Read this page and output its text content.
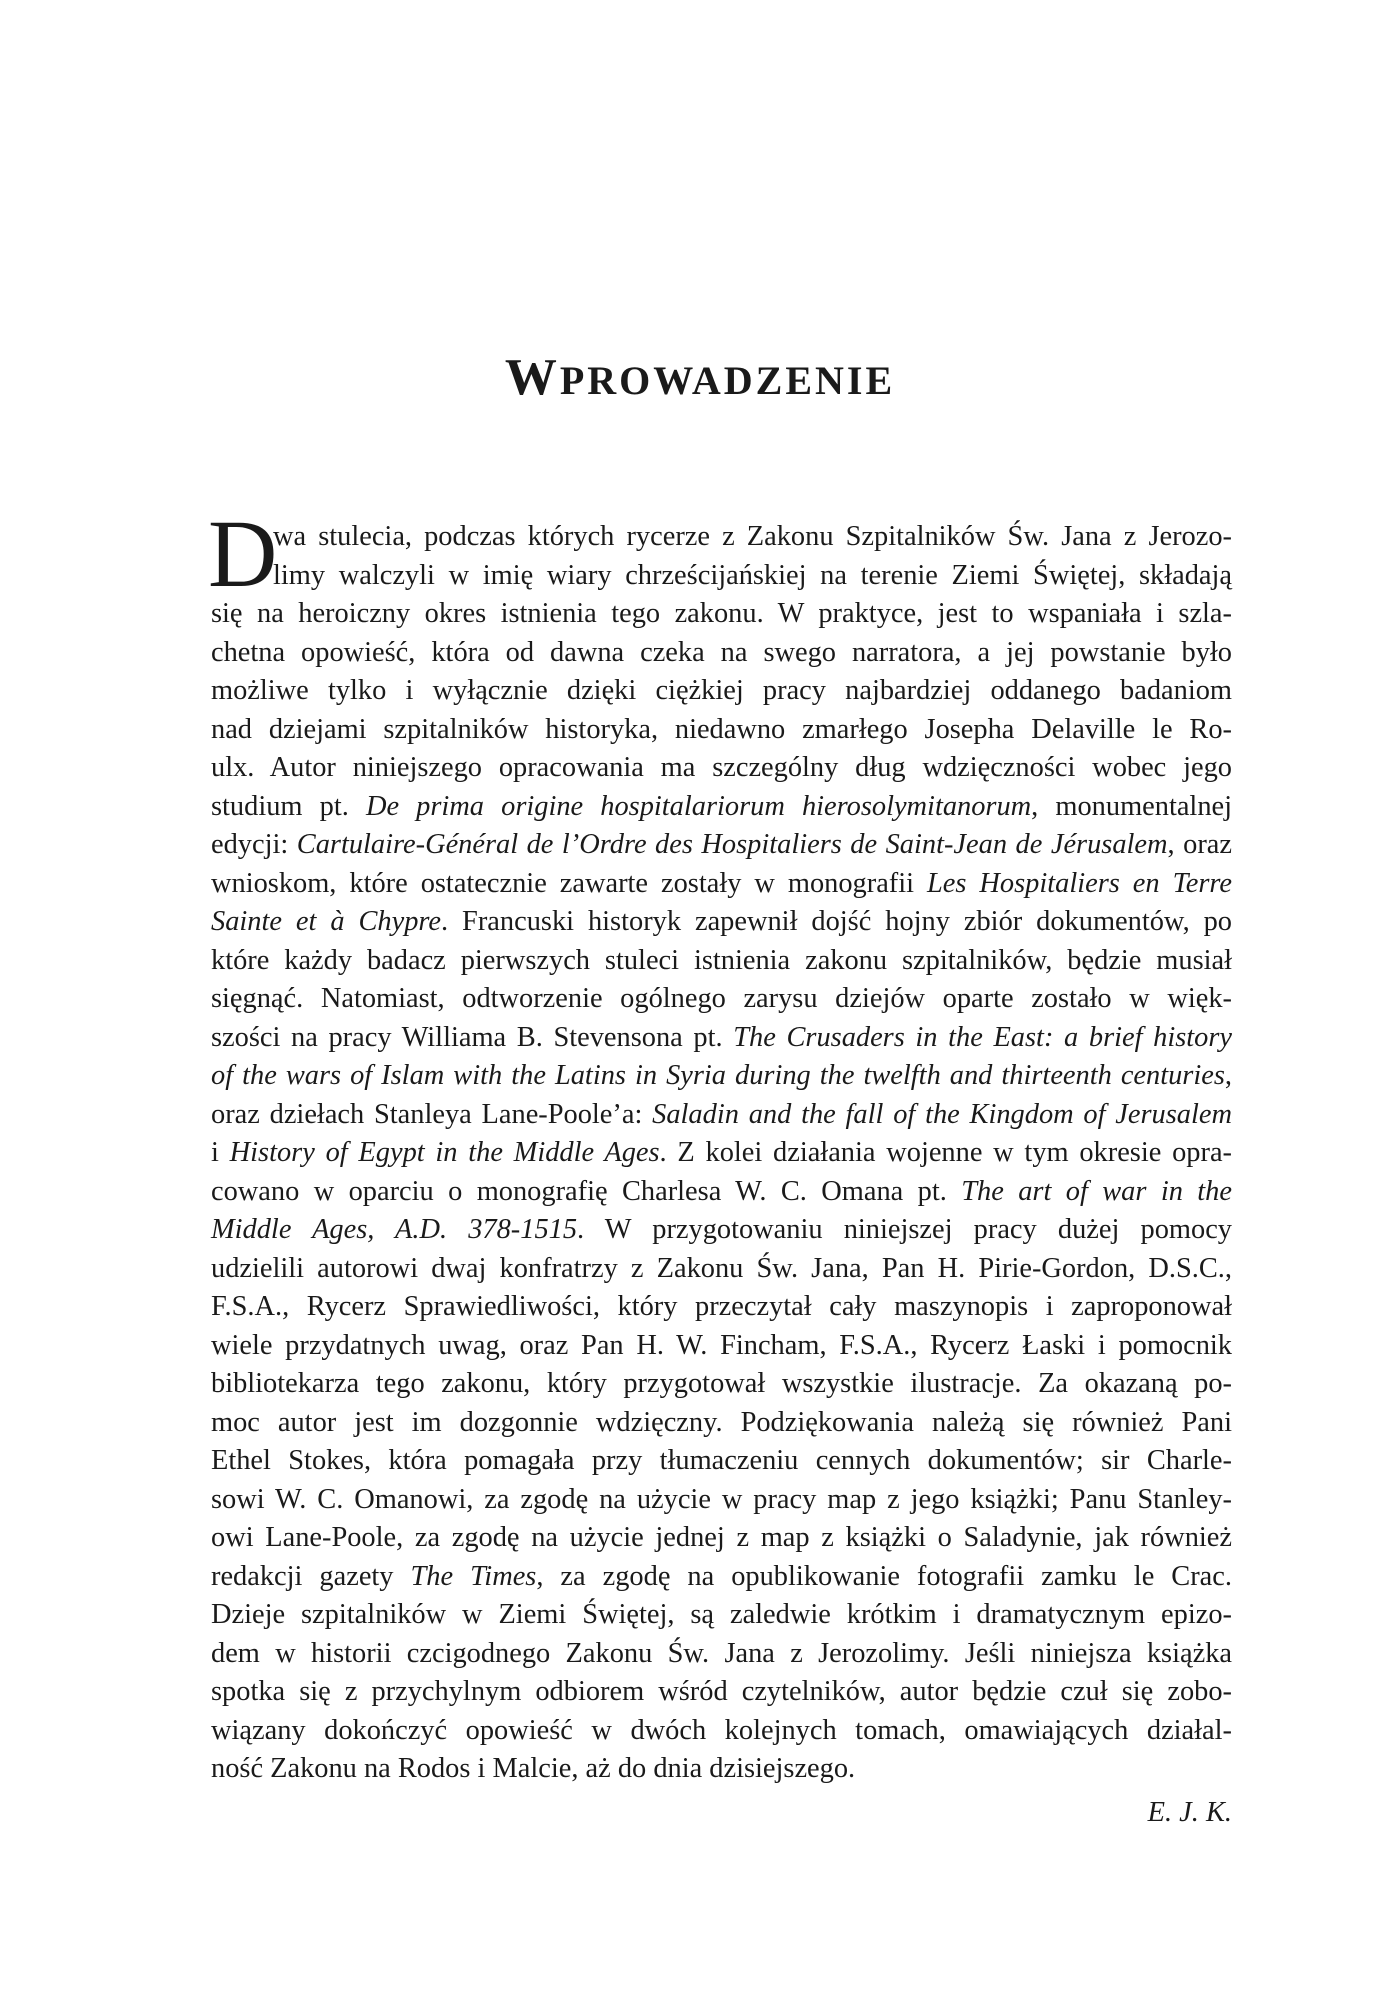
WPROWADZENIE
D
wa stulecia, podczas których rycerze z Zakonu Szpitalników Św. Jana z Jerozo-
limy walczyli w imię wiary chrześcijańskiej na terenie Ziemi Świętej, składają
się na heroiczny okres istnienia tego zakonu. W praktyce, jest to wspaniała i szla-
chetna opowieść, która od dawna czeka na swego narratora, a jej powstanie było
możliwe tylko i wyłącznie dzięki ciężkiej pracy najbardziej oddanego badaniom
nad dziejami szpitalników historyka, niedawno zmarłego Josepha Delaville le Ro-
ulx. Autor niniejszego opracowania ma szczególny dług wdzięczności wobec jego
studium pt. De prima origine hospitalariorum hierosolymitanorum, monumentalnej
edycji: Cartulaire-Général de l’Ordre des Hospitaliers de Saint-Jean de Jérusalem, oraz
wnioskom, które ostatecznie zawarte zostały w monografii Les Hospitaliers en Terre
Sainte et à Chypre. Francuski historyk zapewnił dojść hojny zbiór dokumentów, po
które każdy badacz pierwszych stuleci istnienia zakonu szpitalników, będzie musiał
sięgnąć. Natomiast, odtworzenie ogólnego zarysu dziejów oparte zostało w więk-
szości na pracy Williama B. Stevensona pt. The Crusaders in the East: a brief history
of the wars of Islam with the Latins in Syria during the twelfth and thirteenth centuries,
oraz dziełach Stanleya Lane-Poole’a: Saladin and the fall of the Kingdom of Jerusalem
i History of Egypt in the Middle Ages. Z kolei działania wojenne w tym okresie opra-
cowano w oparciu o monografię Charlesa W. C. Omana pt. The art of war in the
Middle Ages, A.D. 378-1515. W przygotowaniu niniejszej pracy dużej pomocy
udzielili autorowi dwaj konfratrzy z Zakonu Św. Jana, Pan H. Pirie-Gordon, D.S.C.,
F.S.A., Rycerz Sprawiedliwości, który przeczytał cały maszynopis i zaproponował
wiele przydatnych uwag, oraz Pan H. W. Fincham, F.S.A., Rycerz Łaski i pomocnik
bibliotekarza tego zakonu, który przygotował wszystkie ilustracje. Za okazaną po-
moc autor jest im dozgonnie wdzięczny. Podziękowania należą się również Pani
Ethel Stokes, która pomagała przy tłumaczeniu cennych dokumentów; sir Charle-
sowi W. C. Omanowi, za zgodę na użycie w pracy map z jego książki; Panu Stanley-
owi Lane-Poole, za zgodę na użycie jednej z map z książki o Saladynie, jak również
redakcji gazety The Times, za zgodę na opublikowanie fotografii zamku le Crac.
Dzieje szpitalników w Ziemi Świętej, są zaledwie krótkim i dramatycznym epizo-
dem w historii czcigodnego Zakonu Św. Jana z Jerozolimy. Jeśli niniejsza książka
spotka się z przychylnym odbiorem wśród czytelników, autor będzie czuł się zobo-
wiązany dokończyć opowieść w dwóch kolejnych tomach, omawiających działal-
ność Zakonu na Rodos i Malcie, aż do dnia dzisiejszego.
E. J. K.
